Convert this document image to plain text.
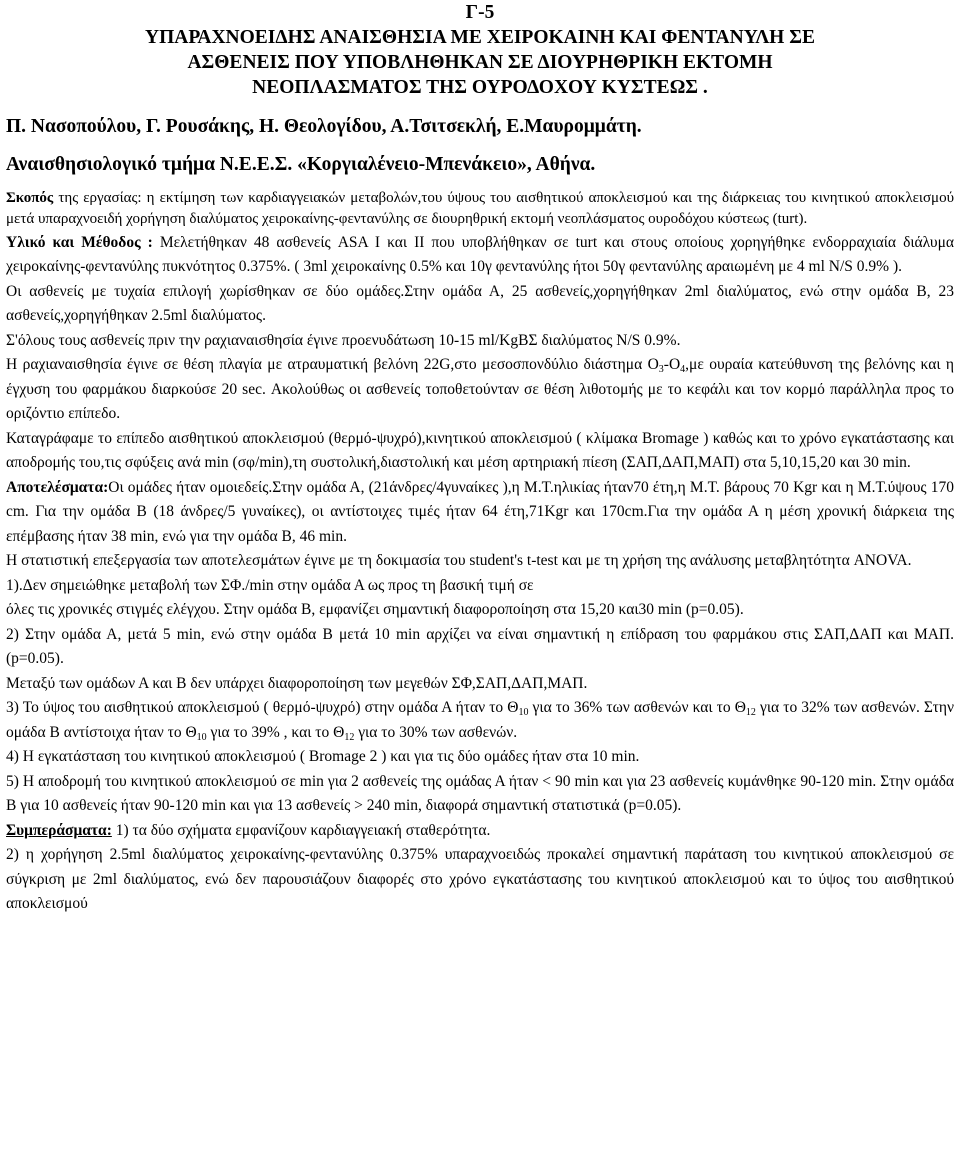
Γ-5

ΥΠΑΡΑΧΝΟΕΙΔΗΣ ΑΝΑΙΣΘΗΣΙΑ ΜΕ ΧΕΙΡΟΚΑΙΝΗ ΚΑΙ ΦΕΝΤΑΝΥΛΗ ΣΕ

ΑΣΘΕΝΕΙΣ ΠΟΥ ΥΠΟΒΛΗΘΗΚΑΝ ΣΕ ΔΙΟΥΡΗΘΡΙΚΗ ΕΚΤΟΜΗ

ΝΕΟΠΛΑΣΜΑΤΟΣ ΤΗΣ ΟΥΡΟΔΟΧΟΥ ΚΥΣΤΕΩΣ .

Π. Νασοπούλου, Γ. Ρουσάκης, Η. Θεολογίδου, Α.Τσιτσεκλή, Ε.Μαυρομμάτη.

Αναισθησιολογικό τμήμα Ν.Ε.Ε.Σ. «Κοργιαλένειο-Μπενάκειο», Αθήνα.

Σκοπός της εργασίας: η εκτίμηση των καρδιαγγειακών μεταβολών,του ύψους του αισθητικού αποκλεισμού και της διάρκειας του κινητικού αποκλεισμού μετά υπαραχνοειδή χορήγηση διαλύματος χειροκαίνης-φεντανύλης σε διουρηθρική εκτομή νεοπλάσματος ουροδόχου κύστεως (turt).

Υλικό και Μέθοδος : Μελετήθηκαν 48 ασθενείς ASA I και II που υποβλήθηκαν σε turt και στους οποίους χορηγήθηκε ενδορραχιαία διάλυμα χειροκαίνης-φεντανύλης πυκνότητος 0.375%. ( 3ml χειροκαίνης 0.5% και 10γ φεντανύλης ήτοι 50γ φεντανύλης αραιωμένη με 4 ml N/S 0.9% ).

Οι ασθενείς με τυχαία επιλογή χωρίσθηκαν σε δύο ομάδες.Στην ομάδα Α, 25 ασθενείς,χορηγήθηκαν 2ml διαλύματος, ενώ στην ομάδα Β, 23 ασθενείς,χορηγήθηκαν 2.5ml διαλύματος.

Σ'όλους τους ασθενείς πριν την ραχιαναισθησία έγινε προενυδάτωση 10-15 ml/KgBΣ διαλύματος N/S 0.9%.

Η ραχιαναισθησία έγινε σε θέση πλαγία με ατραυματική βελόνη 22G,στο μεσοσπονδύλιο διάστημα $O_3-O_4,\mu\varepsilon$ ουραία κατεύθυνση της βελόνης και η έγχυση του φαρμάκου διαρκούσε 20 sec. Ακολούθως οι ασθενείς τοποθετούνταν σε θέση λιθοτομής με το κεφάλι και τον κορμό παράλληλα προς το οριζόντιο επίπεδο.

Καταγράφαμε το επίπεδο αισθητικού αποκλεισμού (θερμό-ψυχρό),κινητικού αποκλεισμού ( κλίμακα Bromage ) καθώς και το χρόνο εγκατάστασης και αποδρομής του,τις σφύξεις ανά min (σφ/min),τη συστολική,διαστολική και μέση αρτηριακή πίεση (ΣΑΠ,ΔΑΠ,ΜΑΠ) στα 5,10,15,20 και 30 min.

Αποτελέσματα:Οι ομάδες ήταν ομοιεδείς.Στην ομάδα Α, (21άνδρες/4γυναίκες ),η Μ.Τ.ηλικίας ήταν70 έτη,η Μ.Τ. βάρους 70 Kgr και η Μ.Τ.ύψους 170 cm. Για την ομάδα Β (18 άνδρες/5 γυναίκες), οι αντίστοιχες τιμές ήταν 64 έτη,71Kgr και 170cm.Για την ομάδα Α η μέση χρονική διάρκεια της επέμβασης ήταν 38 min, ενώ για την ομάδα Β, 46 min.

Η στατιστική επεξεργασία των αποτελεσμάτων έγινε με τη δοκιμασία του student's t-test και με τη χρήση της ανάλυσης μεταβλητότητα ANOVA.

1).Δεν σημειώθηκε μεταβολή των ΣΦ./min στην ομάδα Α ως προς τη βασική τιμή σε

όλες τις χρονικές στιγμές ελέγχου. Στην ομάδα Β, εμφανίζει σημαντική διαφοροποίηση στα 15,20 και30 min (p=0.05).

2) Στην ομάδα Α, μετά 5 min, ενώ στην ομάδα Β μετά 10 min αρχίζει να είναι σημαντική η επίδραση του φαρμάκου στις ΣΑΠ,ΔΑΠ και ΜΑΠ.(p=0.05).

Μεταξύ των ομάδων Α και Β δεν υπάρχει διαφοροποίηση των μεγεθών ΣΦ,ΣΑΠ,ΔΑΠ,ΜΑΠ.

3) Το ύψος του αισθητικού αποκλεισμού ( θερμό-ψυχρό) στην ομάδα Α ήταν το $\Theta_{10}$ για το 36% των ασθενών και το $\Theta_{12}$ για το 32% των ασθενών. Στην ομάδα Β αντίστοιχα ήταν το $\Theta_{10}$ για το 39% , και το $\Theta_{12}$ για το 30% των ασθενών.

4) Η εγκατάσταση του κινητικού αποκλεισμού ( Bromage 2 ) και για τις δύο ομάδες ήταν στα 10 min.

5) Η αποδρομή του κινητικού αποκλεισμού σε min για 2 ασθενείς της ομάδας Α ήταν < 90 min και για 23 ασθενείς κυμάνθηκε 90-120 min. Στην ομάδα Β για 10 ασθενείς ήταν 90-120 min και για 13 ασθενείς > 240 min, διαφορά σημαντική στατιστικά (p=0.05).

Συμπεράσματα: 1) τα δύο σχήματα εμφανίζουν καρδιαγγειακή σταθερότητα.

2) η χορήγηση 2.5ml διαλύματος χειροκαίνης-φεντανύλης 0.375% υπαραχνοειδώς προκαλεί σημαντική παράταση του κινητικού αποκλεισμού σε σύγκριση με 2ml διαλύματος, ενώ δεν παρουσιάζουν διαφορές στο χρόνο εγκατάστασης του κινητικού αποκλεισμού και το ύψος του αισθητικού αποκλεισμού
